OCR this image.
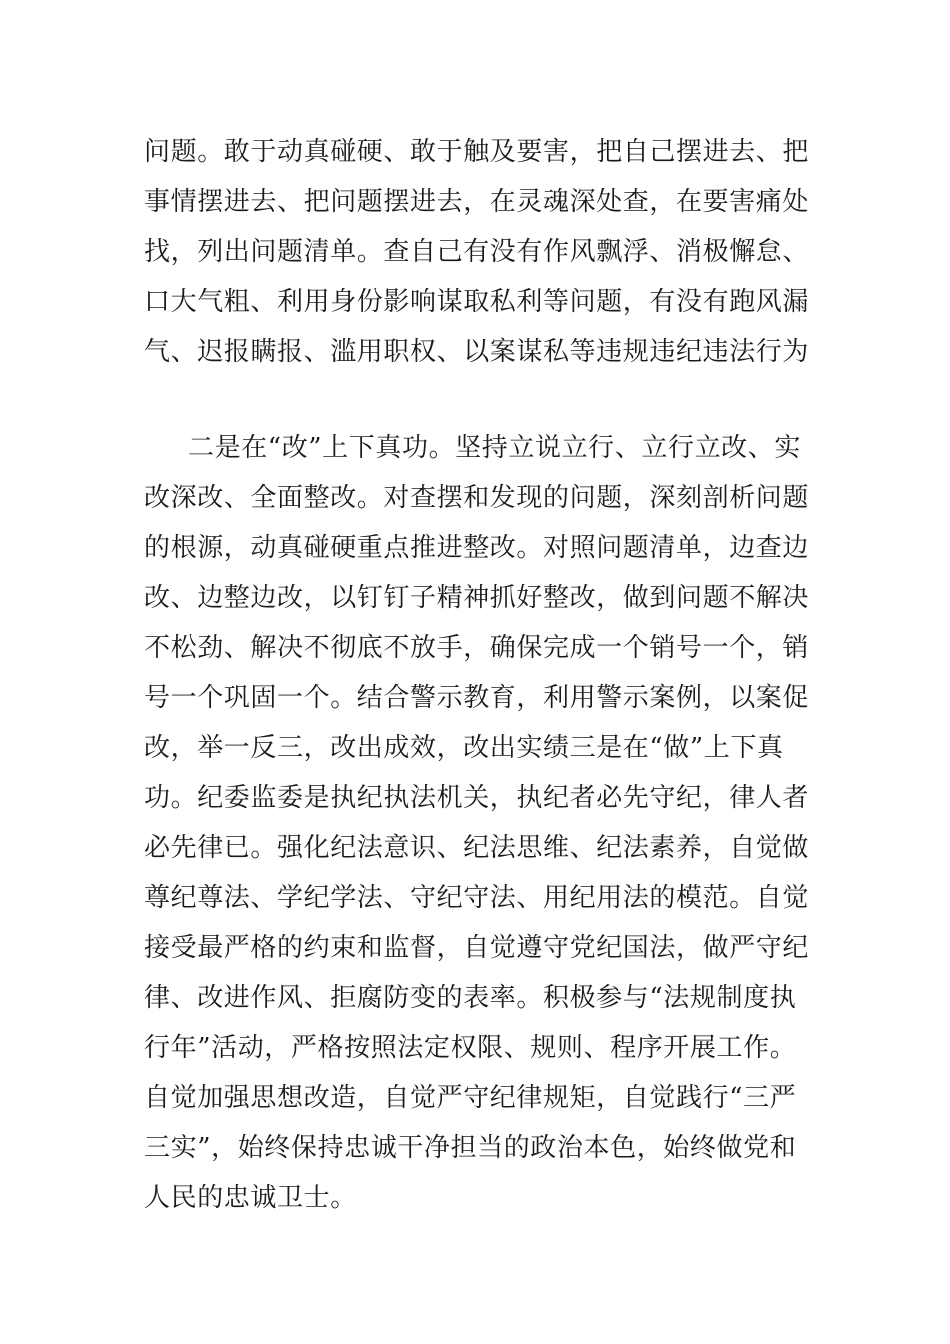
问题。敢于动真碰硬、敢于触及要害，把自己摆进去、把
事情摆进去、把问题摆进去，在灵魂深处查，在要害痛处
找，列出问题清单。查自己有没有作风飘浮、消极懈怠、
口大气粗、利用身份影响谋取私利等问题，有没有跑风漏
气、迟报瞒报、滥用职权、以案谋私等违规违纪违法行为
二是在“改”上下真功。坚持立说立行、立行立改、实
改深改、全面整改。对查摆和发现的问题，深刻剖析问题
的根源，动真碰硬重点推进整改。对照问题清单，边查边
改、边整边改，以钉钉子精神抓好整改，做到问题不解决
不松劲、解决不彻底不放手，确保完成一个销号一个，销
号一个巩固一个。结合警示教育，利用警示案例，以案促
改，举一反三，改出成效，改出实绩三是在“做”上下真
功。纪委监委是执纪执法机关，执纪者必先守纪，律人者
必先律已。强化纪法意识、纪法思维、纪法素养，自觉做
尊纪尊法、学纪学法、守纪守法、用纪用法的模范。自觉
接受最严格的约束和监督，自觉遵守党纪国法，做严守纪
律、改进作风、拒腐防变的表率。积极参与“法规制度执
行年”活动，严格按照法定权限、规则、程序开展工作。
自觉加强思想改造，自觉严守纪律规矩，自觉践行“三严
三实”，始终保持忠诚干净担当的政治本色，始终做党和
人民的忠诚卫士。
